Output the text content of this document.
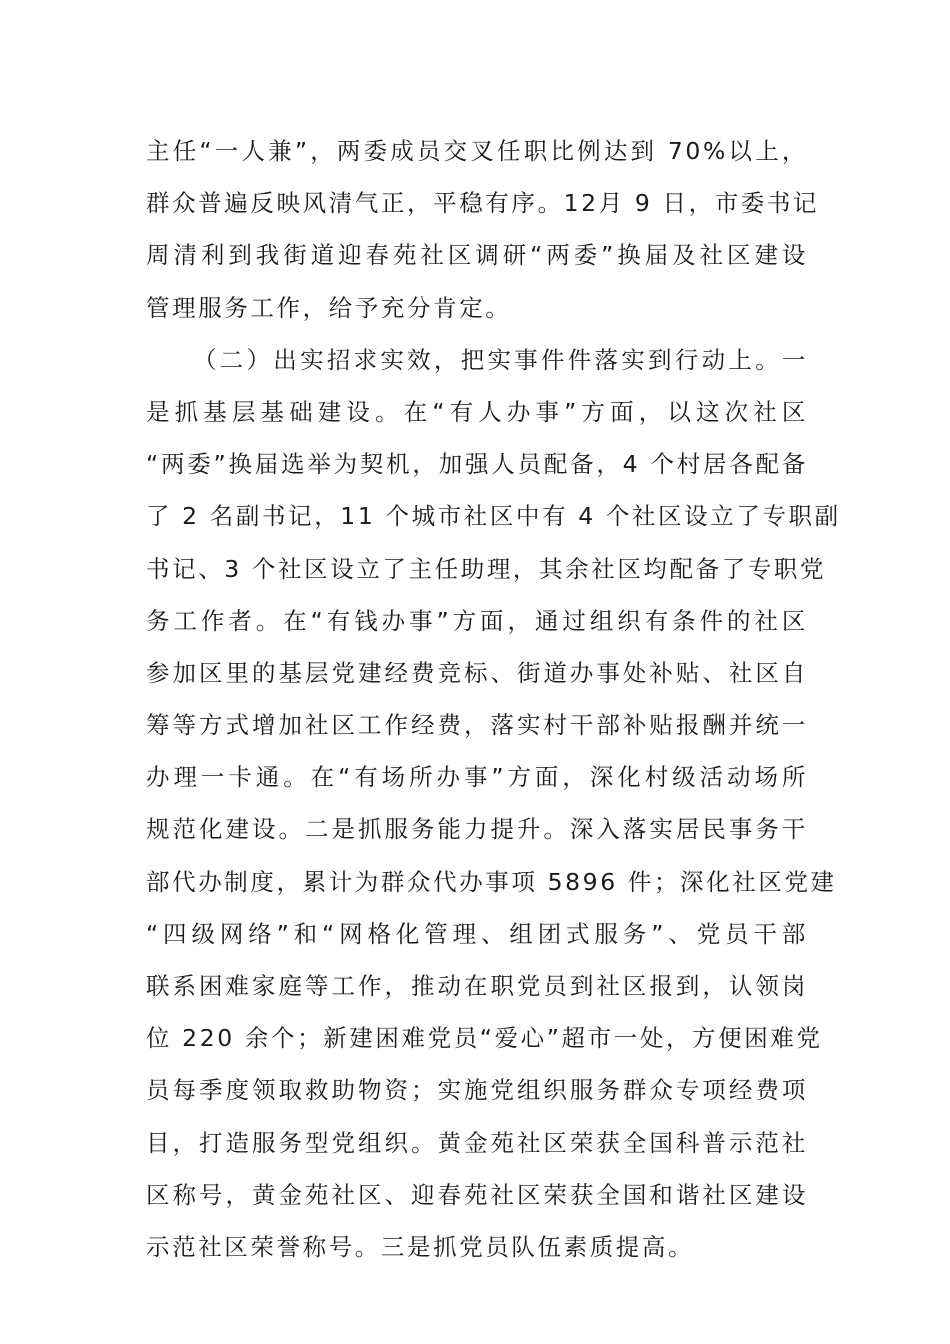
主任“一人兼”，两委成员交叉任职比例达到 70%以上，
群众普遍反映风清气正，平稳有序。12月 9 日，市委书记
周清利到我街道迎春苑社区调研“两委”换届及社区建设
管理服务工作，给予充分肯定。
（二）出实招求实效，把实事件件落实到行动上。一
是抓基层基础建设。在“有人办事”方面，以这次社区
“两委”换届选举为契机，加强人员配备，4 个村居各配备
了 2 名副书记，11 个城市社区中有 4 个社区设立了专职副
书记、3 个社区设立了主任助理，其余社区均配备了专职党
务工作者。在“有钱办事”方面，通过组织有条件的社区
参加区里的基层党建经费竞标、街道办事处补贴、社区自
筹等方式增加社区工作经费，落实村干部补贴报酬并统一
办理一卡通。在“有场所办事”方面，深化村级活动场所
规范化建设。二是抓服务能力提升。深入落实居民事务干
部代办制度，累计为群众代办事项 5896 件；深化社区党建
“四级网络”和“网格化管理、组团式服务”、党员干部
联系困难家庭等工作，推动在职党员到社区报到，认领岗
位 220 余个；新建困难党员“爱心”超市一处，方便困难党
员每季度领取救助物资；实施党组织服务群众专项经费项
目，打造服务型党组织。黄金苑社区荣获全国科普示范社
区称号，黄金苑社区、迎春苑社区荣获全国和谐社区建设
示范社区荣誉称号。三是抓党员队伍素质提高。
